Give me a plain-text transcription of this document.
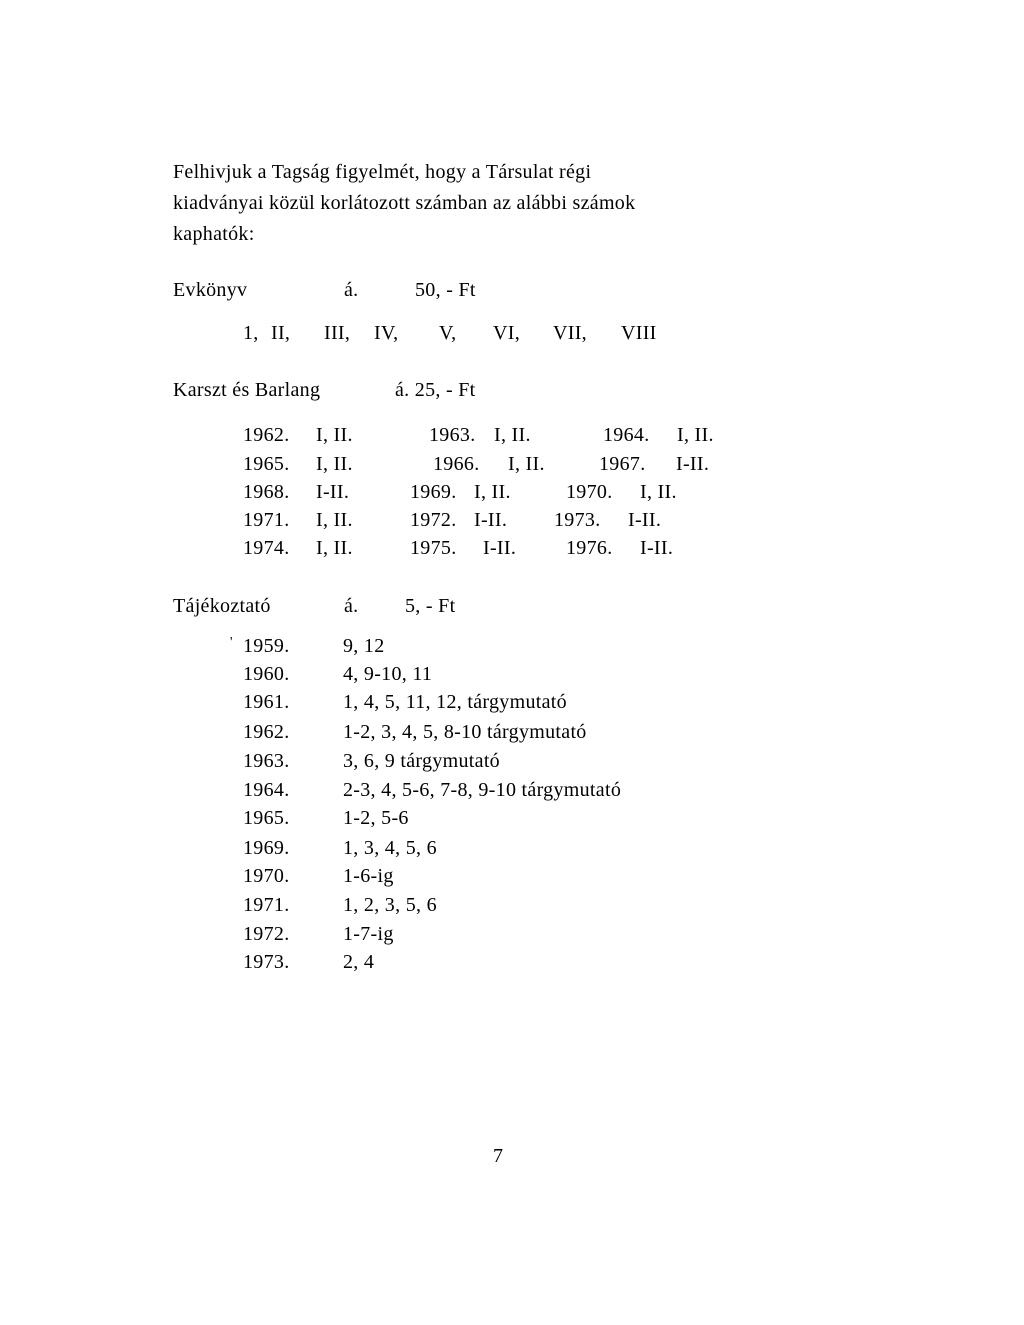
Felhivjuk a Tagság figyelmét, hogy a Társulat régi
kiadványai közül korlátozott számban az alábbi számok
kaphatók:

Evkönyv	á.	50, - Ft
1, II, III, IV, V, VI, VII, VIII
Karszt és Barlang	á. 25, - Ft
1962. I, II.	1963. I, II.	1964. I, II.
1965. I, II.	1966. I, II.	1967. I-II.
1968. I-II.	1969. I, II.	1970. I, II.
1971. I, II.	1972. I-II. 1973. I-II.
1974. I, II.	1975. I-II. 1976. I-II.
Tájékoztató	á. 5, - Ft
' 1959.	9, 12
1960.	4, 9-10, 11
1961.	1, 4, 5, 11, 12, tárgymutató
1962.	1-2, 3, 4, 5, 8-10 tárgymutató
1963.	3, 6, 9 tárgymutató
1964.	2-3, 4, 5-6, 7-8, 9-10 tárgymutató
1965.	1-2, 5-6
1969.	1, 3, 4, 5, 6
1970.	1-6-ig
1971.	1, 2, 3, 5, 6
1972.	1-7-ig
1973.	2, 4
7
